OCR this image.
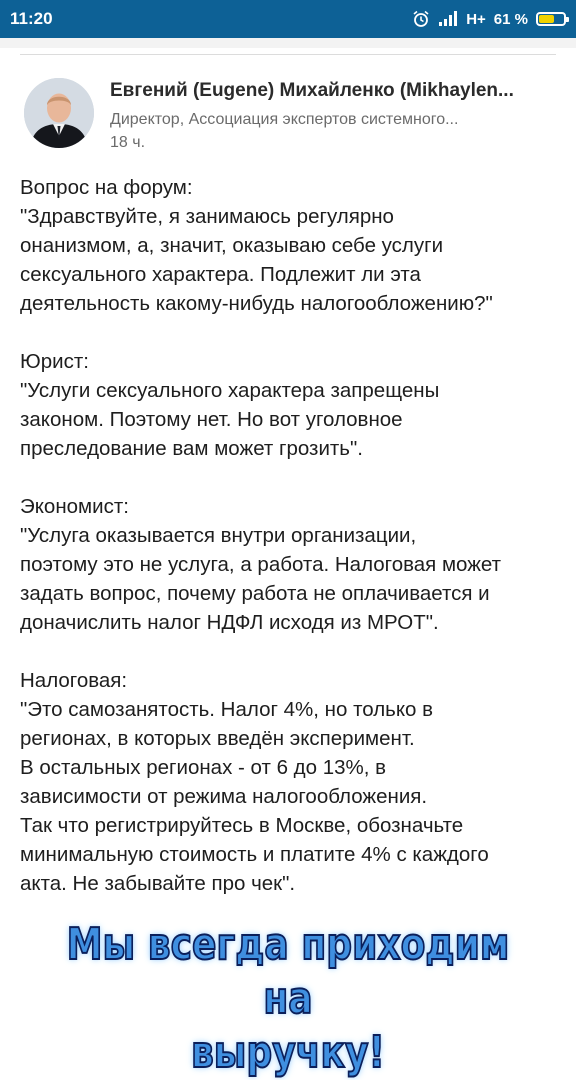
11:20	H+ 61 %
Евгений (Eugene) Михайленко (Mikhaylen...
Директор, Ассоциация экспертов системного...
18 ч.
Вопрос на форум:
"Здравствуйте, я занимаюсь регулярно
онанизмом, а, значит, оказываю себе услуги
сексуального характера. Подлежит ли эта
деятельность какому-нибудь налогообложению?"
Юрист:
"Услуги сексуального характера запрещены
законом. Поэтому нет. Но вот уголовное
преследование вам может грозить".
Экономист:
"Услуга оказывается внутри организации,
поэтому это не услуга, а работа. Налоговая может
задать вопрос, почему работа не оплачивается и
доначислить налог НДФЛ исходя из МРОТ".
Налоговая:
"Это самозанятость. Налог 4%, но только в
регионах, в которых введён эксперимент.
В остальных регионах - от 6 до 13%, в
зависимости от режима налогообложения.
Так что регистрируйтесь в Москве, обозначьте
минимальную стоимость и платите 4% с каждого
акта. Не забывайте про чек".
Мы всегда приходим на
выручку!
